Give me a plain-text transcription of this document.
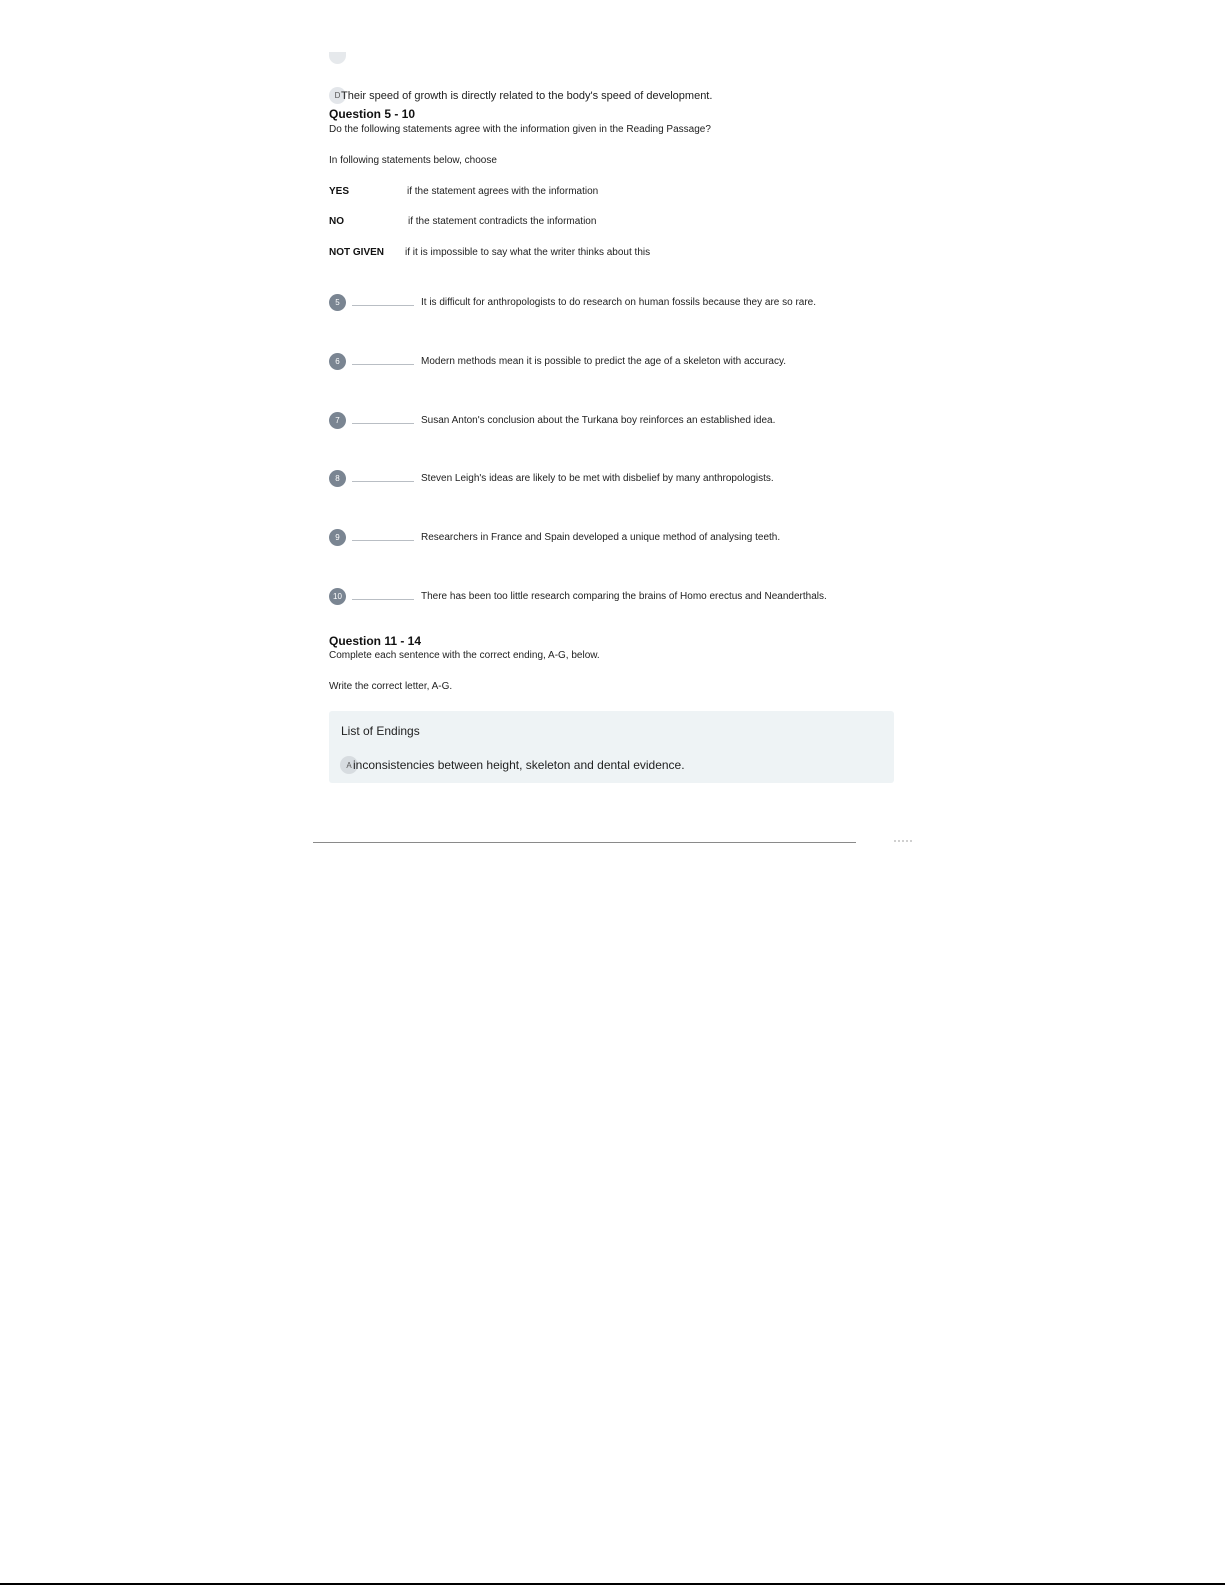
D Their speed of growth is directly related to the body's speed of development.
Question 5 - 10
Do the following statements agree with the information given in the Reading Passage?
In following statements below, choose
YES	if the statement agrees with the information
NO	if the statement contradicts the information
NOT GIVEN	if it is impossible to say what the writer thinks about this
5	It is difficult for anthropologists to do research on human fossils because they are so rare.
6	Modern methods mean it is possible to predict the age of a skeleton with accuracy.
7	Susan Anton's conclusion about the Turkana boy reinforces an established idea.
8	Steven Leigh's ideas are likely to be met with disbelief by many anthropologists.
9	Researchers in France and Spain developed a unique method of analysing teeth.
10	There has been too little research comparing the brains of Homo erectus and Neanderthals.
Question 11 - 14
Complete each sentence with the correct ending, A-G, below.
Write the correct letter, A-G.
List of Endings
A inconsistencies between height, skeleton and dental evidence.
